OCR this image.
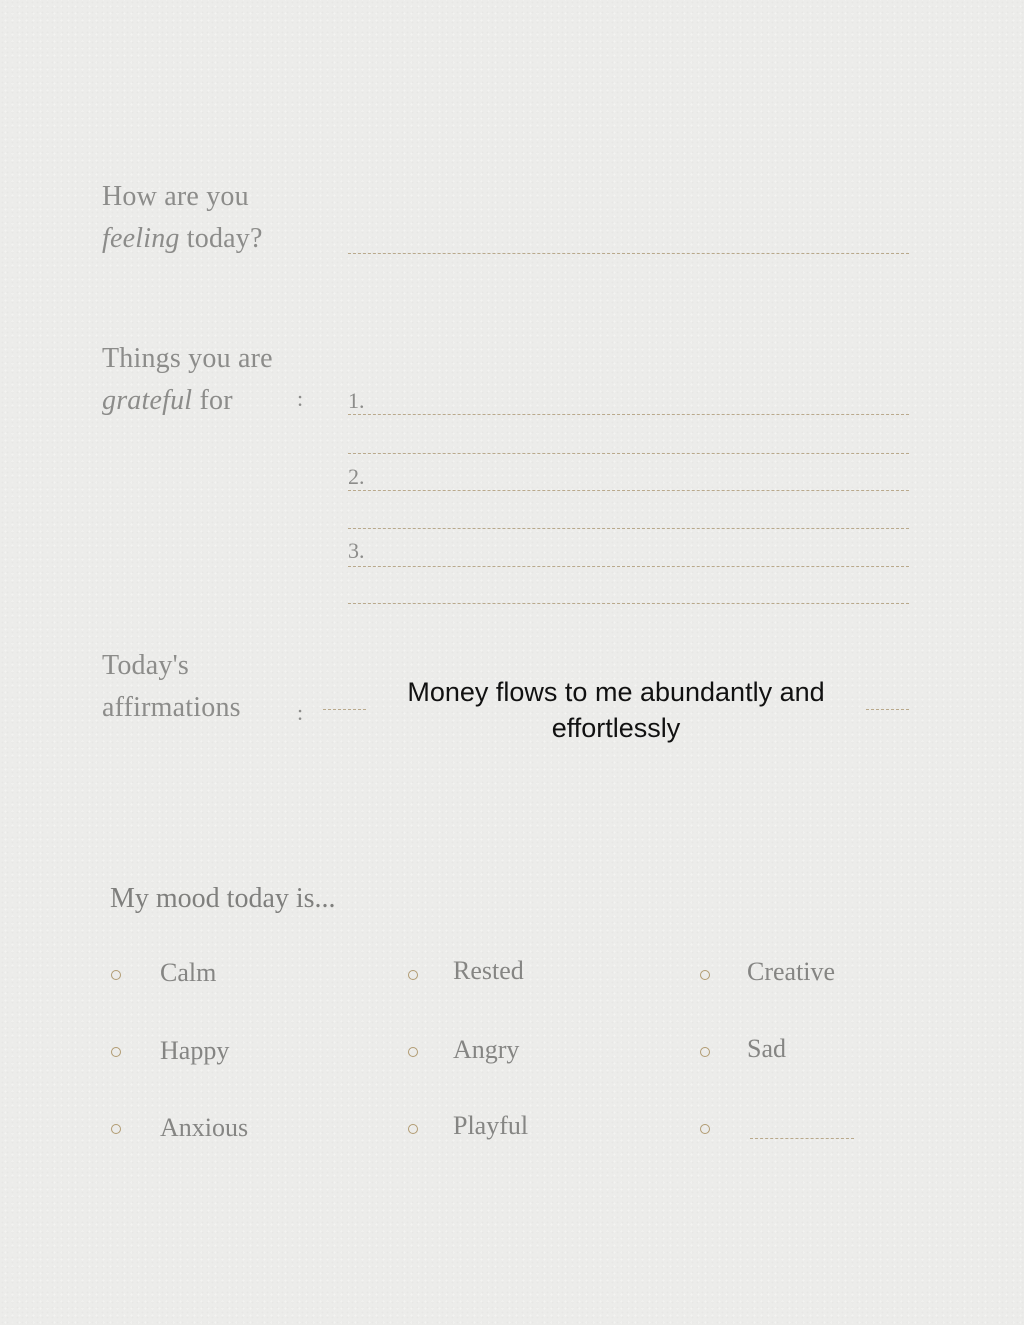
How are you
feeling today?
Things you are
grateful for	: 1.
2.
3.
Today's
affirmations	:
Money flows to me abundantly and effortlessly
My mood today is...
Calm	Rested	Creative
Happy	Angry	Sad
Anxious	Playful
